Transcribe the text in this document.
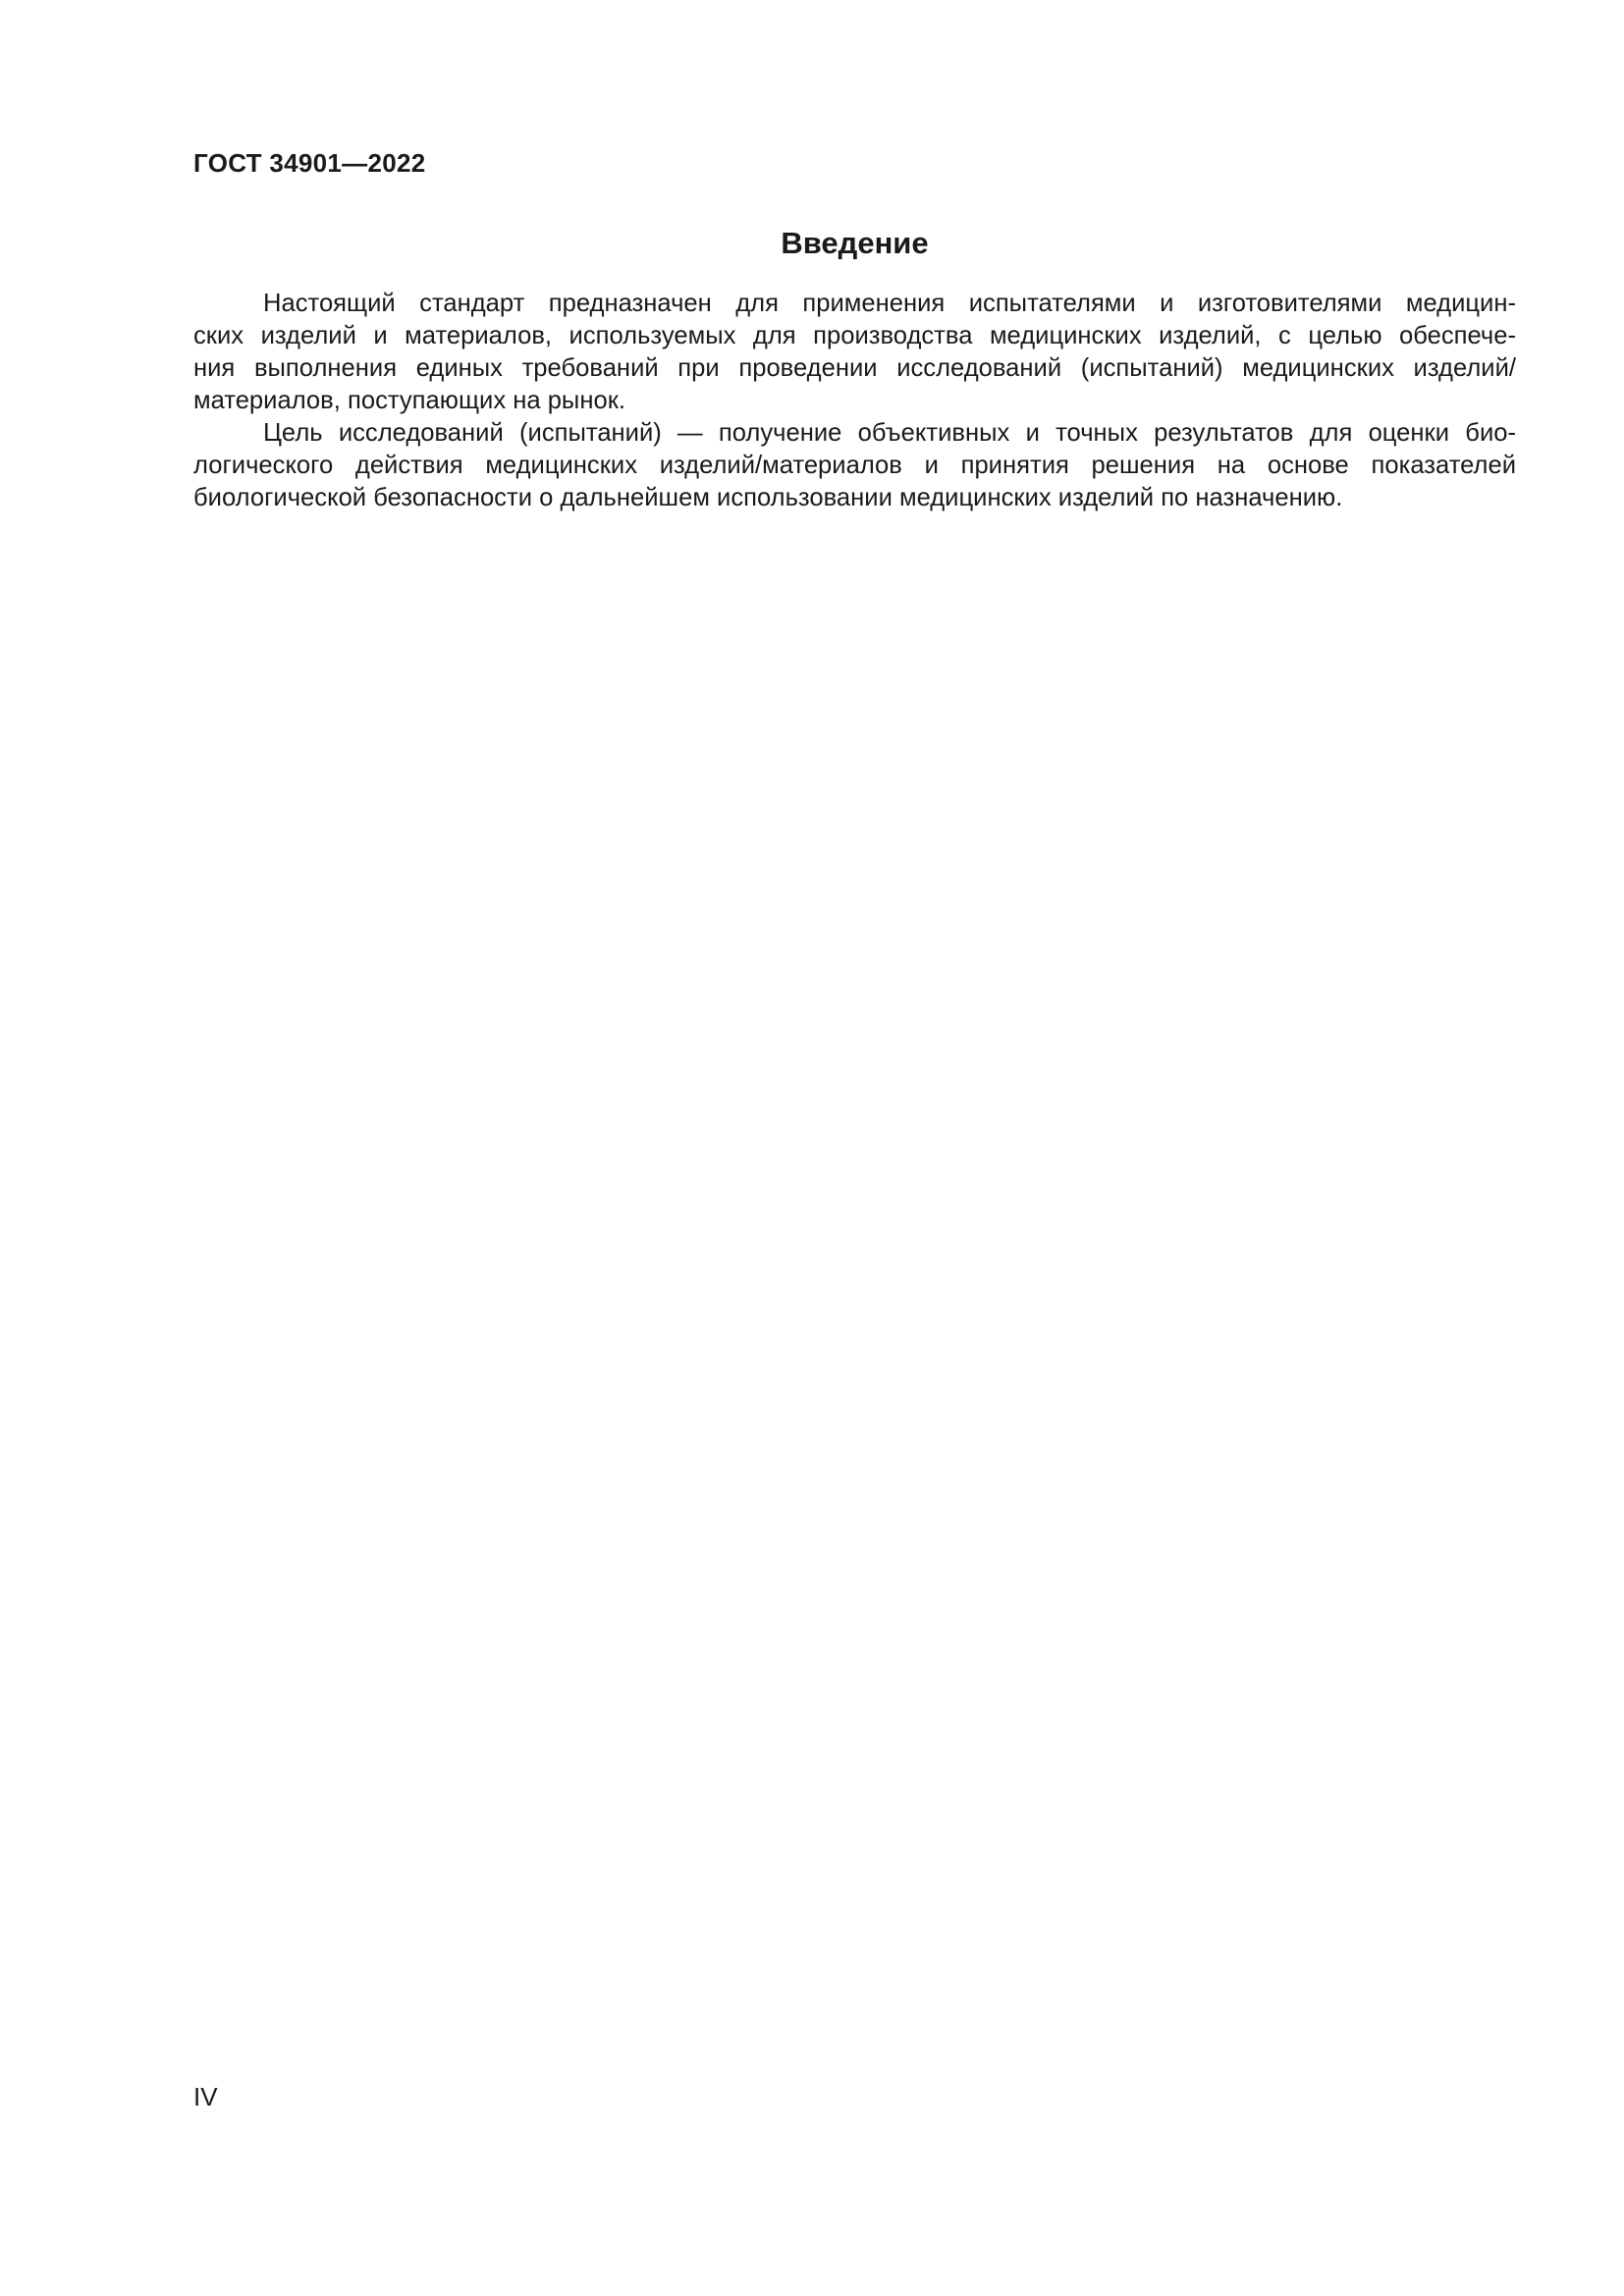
ГОСТ 34901—2022
Введение

Настоящий стандарт предназначен для применения испытателями и изготовителями медицин-
ских изделий и материалов, используемых для производства медицинских изделий, с целью обеспече-
ния выполнения единых требований при проведении исследований (испытаний) медицинских изделий/
материалов, поступающих на рынок.

Цель исследований (испытаний) — получение объективных и точных результатов для оценки био-
логического действия медицинских изделий/материалов и принятия решения на основе показателей
биологической безопасности о дальнейшем использовании медицинских изделий по назначению.

IV
